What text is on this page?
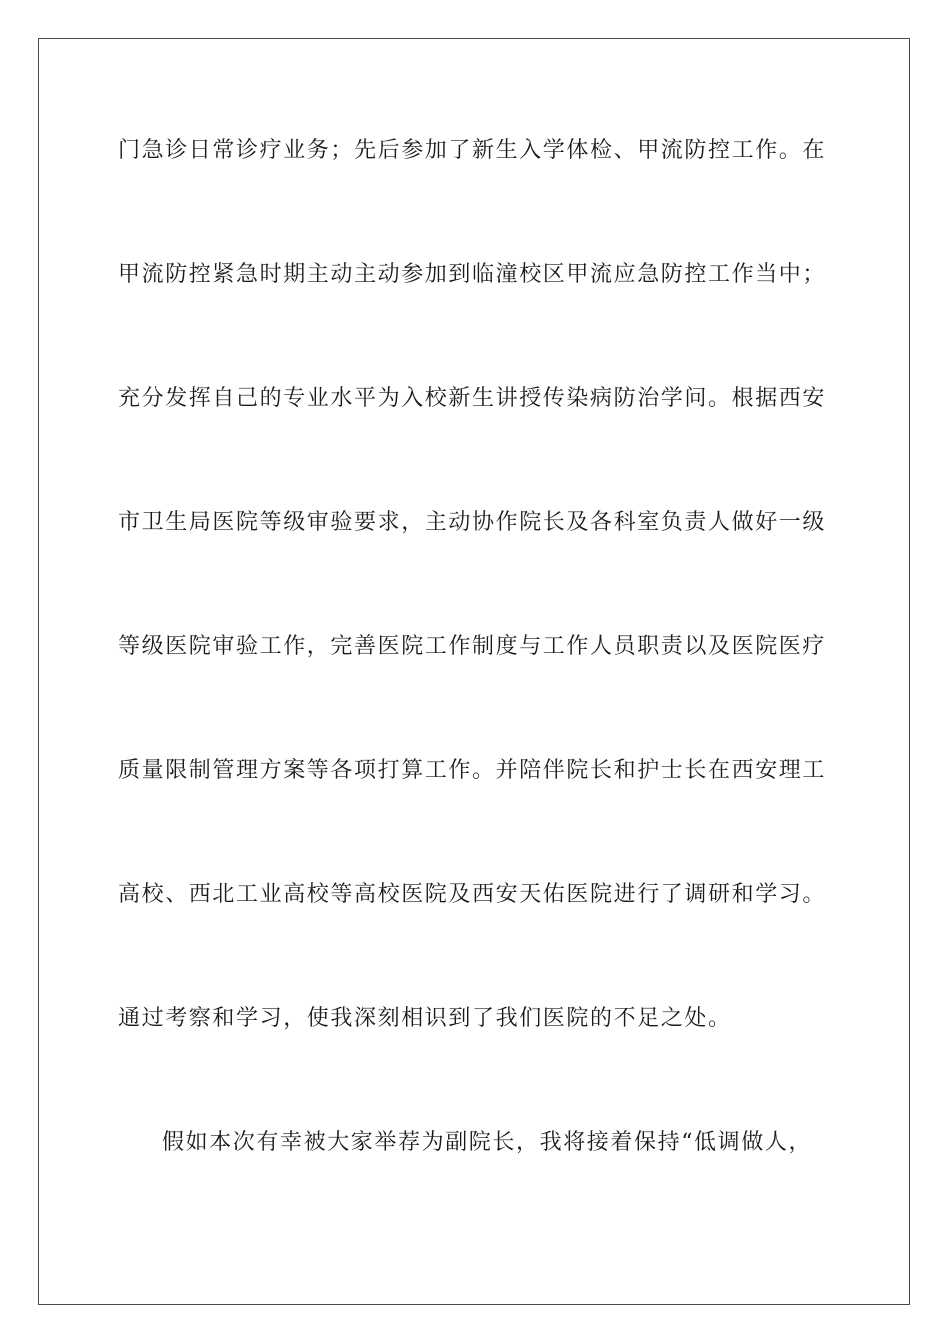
门急诊日常诊疗业务；先后参加了新生入学体检、甲流防控工作。在

甲流防控紧急时期主动主动参加到临潼校区甲流应急防控工作当中；

充分发挥自己的专业水平为入校新生讲授传染病防治学问。根据西安

市卫生局医院等级审验要求，主动协作院长及各科室负责人做好一级

等级医院审验工作，完善医院工作制度与工作人员职责以及医院医疗

质量限制管理方案等各项打算工作。并陪伴院长和护士长在西安理工

高校、西北工业高校等高校医院及西安天佑医院进行了调研和学习。

通过考察和学习，使我深刻相识到了我们医院的不足之处。

假如本次有幸被大家举荐为副院长，我将接着保持“低调做人，
